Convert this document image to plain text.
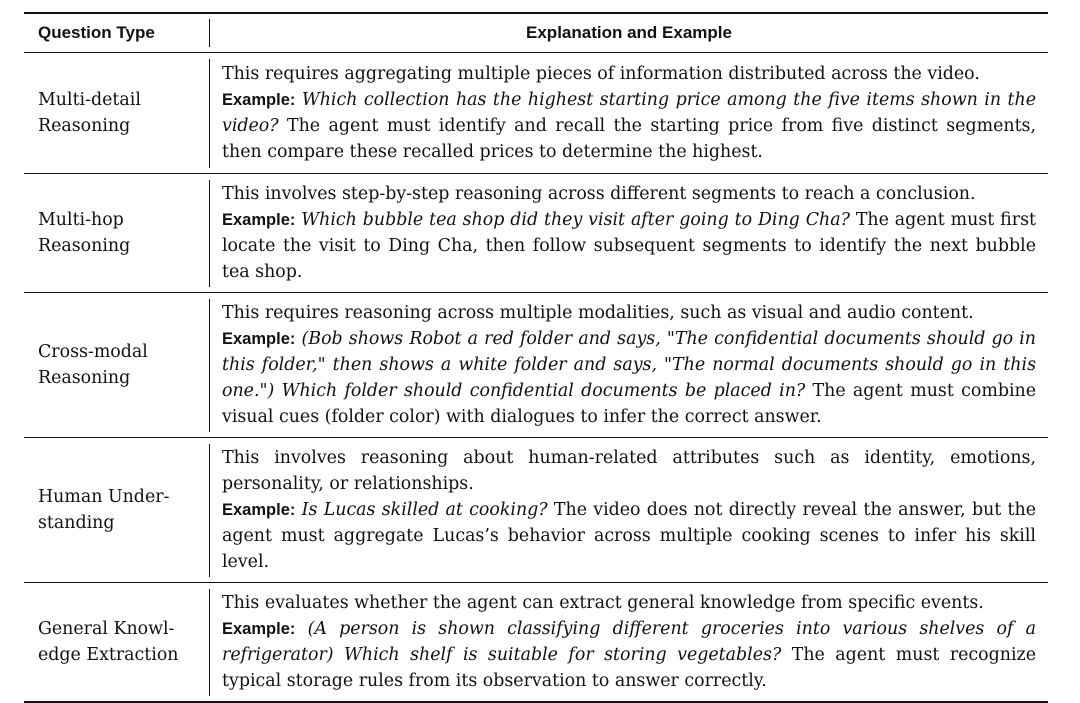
Question Type	Explanation and Example
Multi-detail Reasoning	This requires aggregating multiple pieces of information distributed across the video.
Example: Which collection has the highest starting price among the five items shown in the video? The agent must identify and recall the starting price from five distinct segments, then compare these recalled prices to determine the highest.
Multi-hop Reasoning	This involves step-by-step reasoning across different segments to reach a conclusion.
Example: Which bubble tea shop did they visit after going to Ding Cha? The agent must first locate the visit to Ding Cha, then follow subsequent segments to identify the next bubble tea shop.
Cross-modal Reasoning	This requires reasoning across multiple modalities, such as visual and audio content.
Example: (Bob shows Robot a red folder and says, "The confidential documents should go in this folder," then shows a white folder and says, "The normal documents should go in this one.") Which folder should confidential documents be placed in? The agent must combine visual cues (folder color) with dialogues to infer the correct answer.
Human Under-standing	This involves reasoning about human-related attributes such as identity, emotions, personality, or relationships.
Example: Is Lucas skilled at cooking? The video does not directly reveal the answer, but the agent must aggregate Lucas’s behavior across multiple cooking scenes to infer his skill level.
General Knowl-edge Extraction	This evaluates whether the agent can extract general knowledge from specific events.
Example: (A person is shown classifying different groceries into various shelves of a refrigerator) Which shelf is suitable for storing vegetables? The agent must recognize typical storage rules from its observation to answer correctly.
